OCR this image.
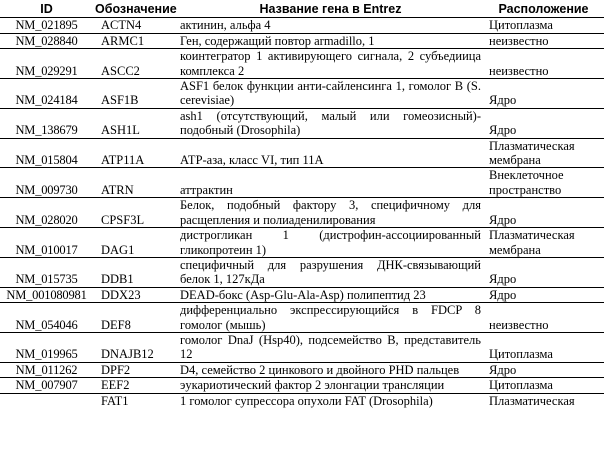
ID	Обозначение	Название гена в Entrez	Расположение
NM_021895	ACTN4	актинин, альфа 4	Цитоплазма
NM_028840	ARMC1	Ген, содержащий повтор armadillo, 1	неизвестно
NM_029291	ASCC2	коинтегратор 1 активирующего сигнала, 2 субъедиица комплекса 2	неизвестно
NM_024184	ASF1B	ASF1 белок функции анти-сайленсинга 1, гомолог В (S. cerevisiae)	Ядро
NM_138679	ASH1L	ash1 (отсутствующий, малый или гомеозисный)-подобный (Drosophila)	Ядро
NM_015804	ATP11A	АТР-аза, класс VI, тип 11A	Плазматическая мембрана
NM_009730	ATRN	аттрактин	Внеклеточное пространство
NM_028020	CPSF3L	Белок, подобный фактору 3, специфичному для расщепления и полиаденилирования	Ядро
NM_010017	DAG1	дистрогликан 1 (дистрофин-ассоциированный гликопротеин 1)	Плазматическая мембрана
NM_015735	DDB1	специфичный для разрушения ДНК-связывающий белок 1, 127кДа	Ядро
NM_001080981	DDX23	DEAD-бокс (Asp-Glu-Ala-Asp) полипептид 23	Ядро
NM_054046	DEF8	дифференциально экспрессирующийся в FDCP 8 гомолог (мышь)	неизвестно
NM_019965	DNAJB12	гомолог DnaJ (Hsp40), подсемейство В, представитель 12	Цитоплазма
NM_011262	DPF2	D4, семейство 2 цинкового и двойного PHD пальцев	Ядро
NM_007907	EEF2	эукариотический фактор 2 элонгации трансляции	Цитоплазма
	FAT1	1 гомолог супрессора опухоли FAT (Drosophila)	Плазматическая
